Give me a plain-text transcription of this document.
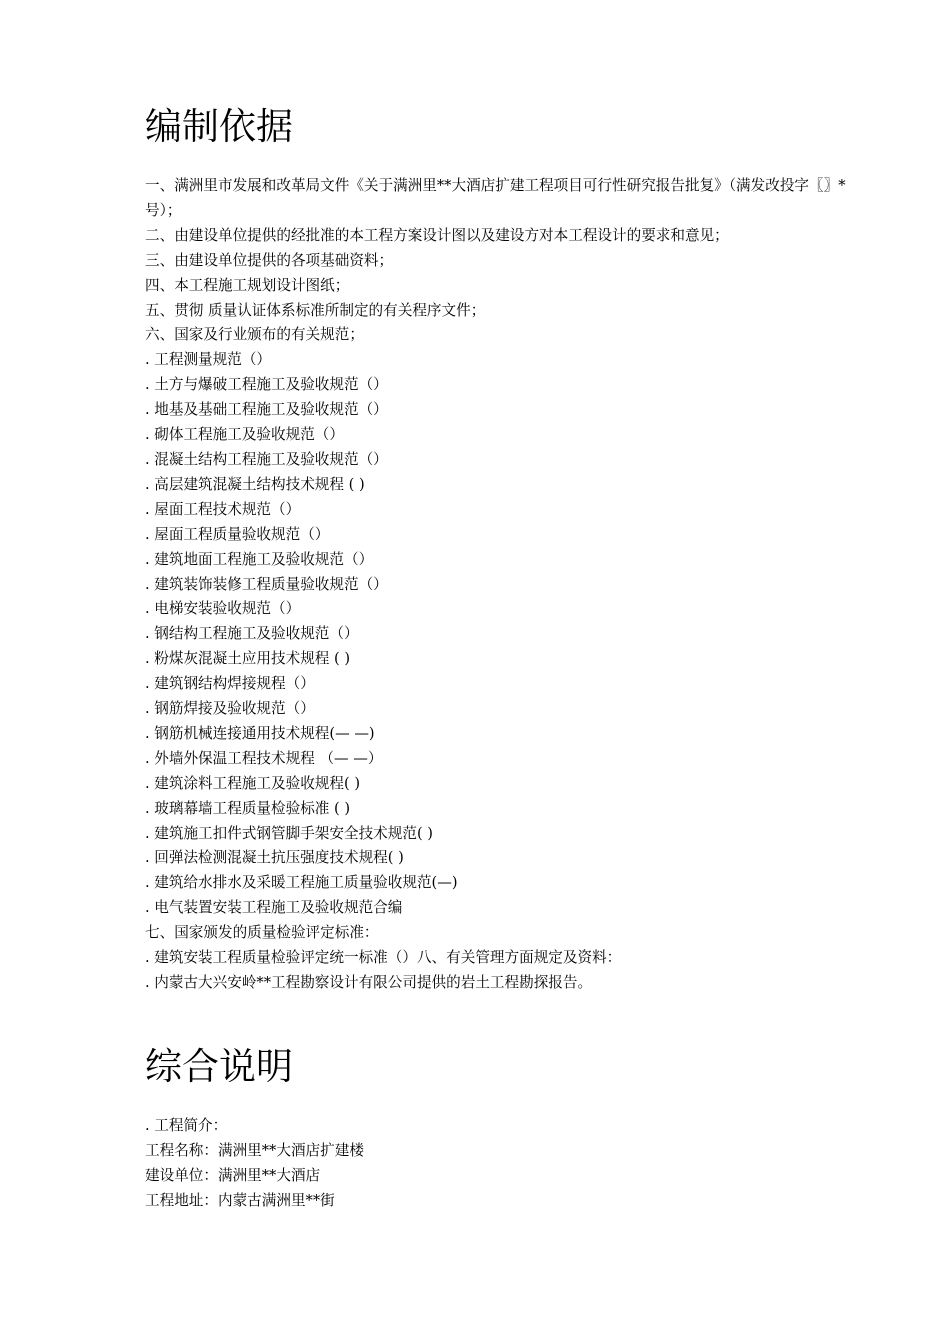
编制依据

一、满洲里市发展和改革局文件《关于满洲里**大酒店扩建工程项目可行性研究报告批复》（满发改投字〖〗*号）；

二、由建设单位提供的经批准的本工程方案设计图以及建设方对本工程设计的要求和意见；

三、由建设单位提供的各项基础资料；

四、本工程施工规划设计图纸；

五、贯彻 质量认证体系标准所制定的有关程序文件；

六、国家及行业颁布的有关规范；

. 工程测量规范（）

. 土方与爆破工程施工及验收规范（）

. 地基及基础工程施工及验收规范（）

. 砌体工程施工及验收规范（）

. 混凝土结构工程施工及验收规范（）

. 高层建筑混凝土结构技术规程 ( )

. 屋面工程技术规范（）

. 屋面工程质量验收规范（）

. 建筑地面工程施工及验收规范（）

. 建筑装饰装修工程质量验收规范（）

. 电梯安装验收规范（）

. 钢结构工程施工及验收规范（）

. 粉煤灰混凝土应用技术规程 ( )

. 建筑钢结构焊接规程（）

. 钢筋焊接及验收规范（）

. 钢筋机械连接通用技术规程(— —)

. 外墙外保温工程技术规程 （— —）

. 建筑涂料工程施工及验收规程( )

. 玻璃幕墙工程质量检验标准 ( )

. 建筑施工扣件式钢管脚手架安全技术规范( )

. 回弹法检测混凝土抗压强度技术规程( )

. 建筑给水排水及采暖工程施工质量验收规范(—)

. 电气装置安装工程施工及验收规范合编

七、国家颁发的质量检验评定标准：

. 建筑安装工程质量检验评定统一标准（）八、有关管理方面规定及资料：

. 内蒙古大兴安岭**工程勘察设计有限公司提供的岩土工程勘探报告。

综合说明

. 工程简介：

工程名称：满洲里**大酒店扩建楼

建设单位：满洲里**大酒店

工程地址：内蒙古满洲里**街
